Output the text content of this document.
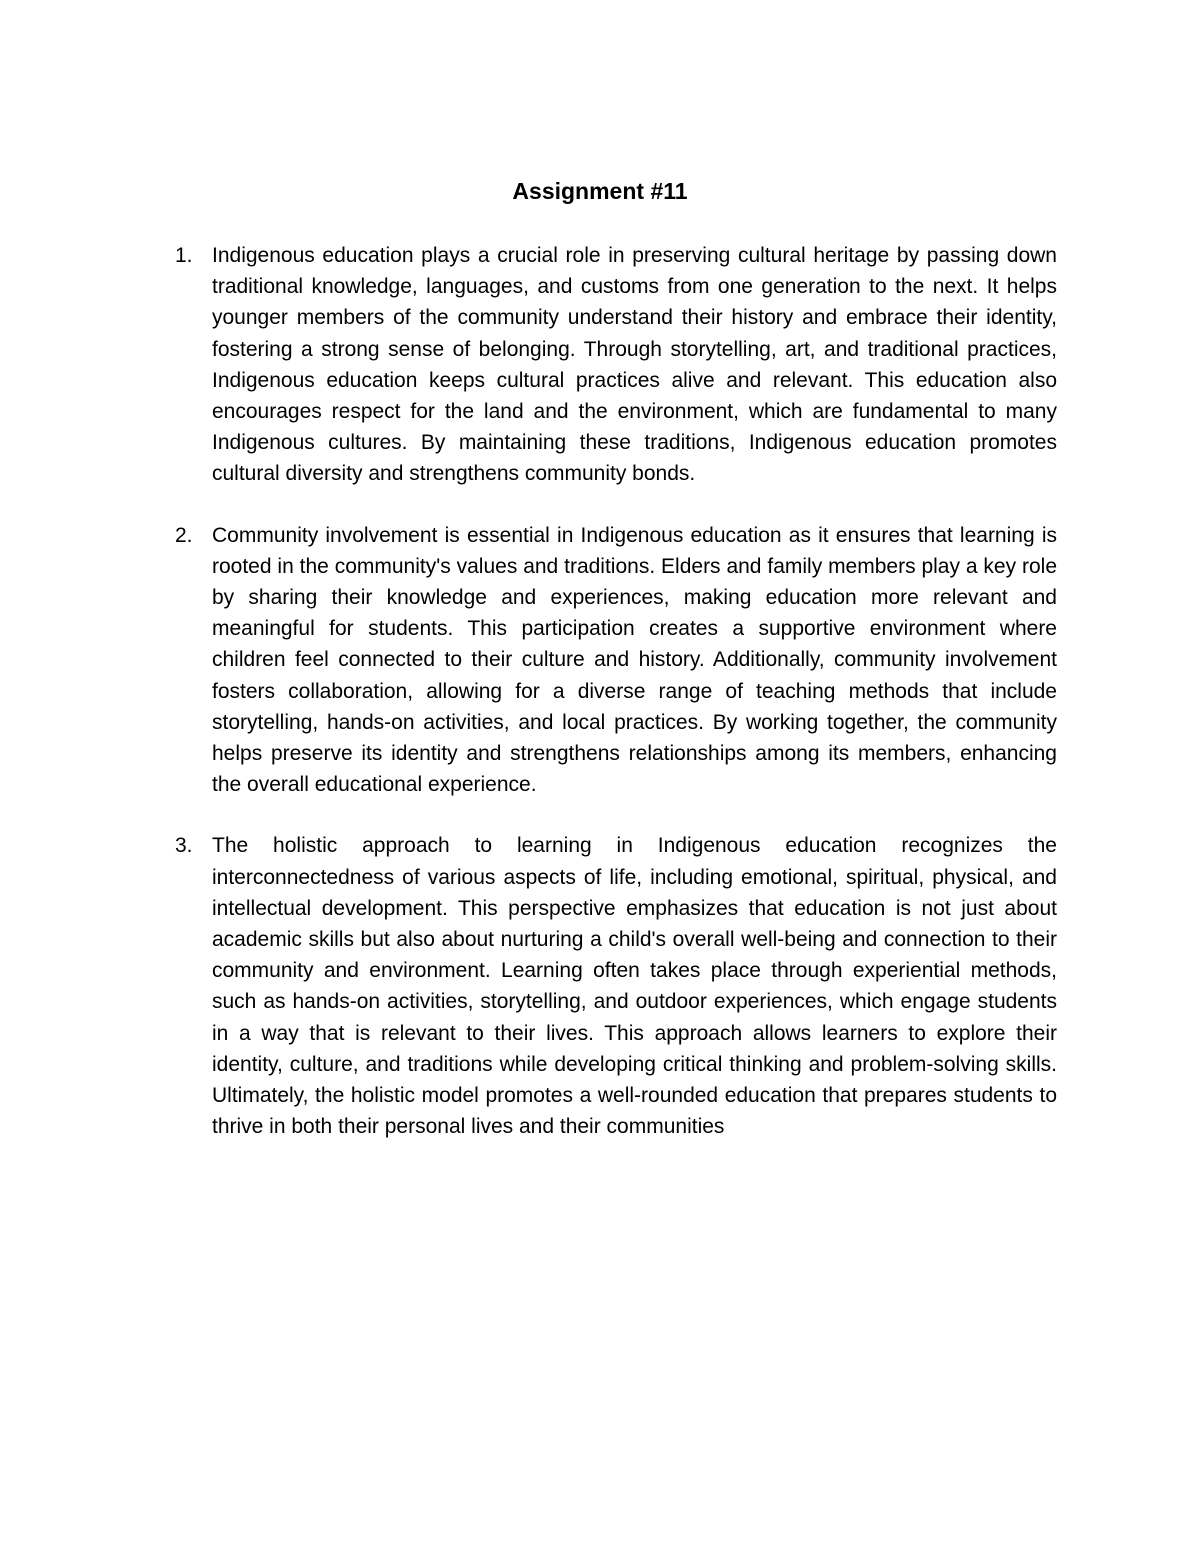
Assignment #11
1. Indigenous education plays a crucial role in preserving cultural heritage by passing down traditional knowledge, languages, and customs from one generation to the next. It helps younger members of the community understand their history and embrace their identity, fostering a strong sense of belonging. Through storytelling, art, and traditional practices, Indigenous education keeps cultural practices alive and relevant. This education also encourages respect for the land and the environment, which are fundamental to many Indigenous cultures. By maintaining these traditions, Indigenous education promotes cultural diversity and strengthens community bonds.
2. Community involvement is essential in Indigenous education as it ensures that learning is rooted in the community's values and traditions. Elders and family members play a key role by sharing their knowledge and experiences, making education more relevant and meaningful for students. This participation creates a supportive environment where children feel connected to their culture and history. Additionally, community involvement fosters collaboration, allowing for a diverse range of teaching methods that include storytelling, hands-on activities, and local practices. By working together, the community helps preserve its identity and strengthens relationships among its members, enhancing the overall educational experience.
3. The holistic approach to learning in Indigenous education recognizes the interconnectedness of various aspects of life, including emotional, spiritual, physical, and intellectual development. This perspective emphasizes that education is not just about academic skills but also about nurturing a child's overall well-being and connection to their community and environment. Learning often takes place through experiential methods, such as hands-on activities, storytelling, and outdoor experiences, which engage students in a way that is relevant to their lives. This approach allows learners to explore their identity, culture, and traditions while developing critical thinking and problem-solving skills. Ultimately, the holistic model promotes a well-rounded education that prepares students to thrive in both their personal lives and their communities
